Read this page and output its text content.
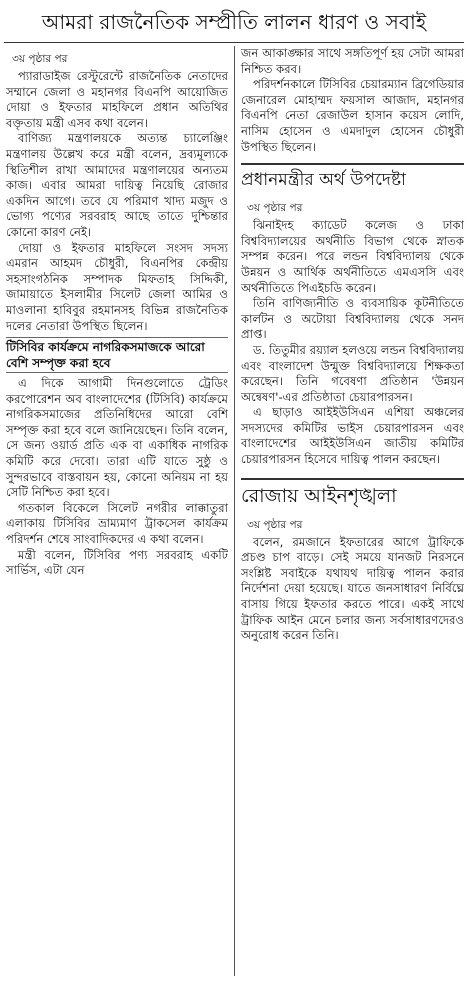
আমরা রাজনৈতিক সম্প্রীতি লালন ধারণ ও সবাই
৩য় পৃষ্ঠার পর

প্যারাডাইজ রেস্টুরেন্টে রাজনৈতিক নেতাদের সম্মানে জেলা ও মহানগর বিএনপি আয়োজিত দোয়া ও ইফতার মাহফিলে প্রধান অতিথির বক্তৃতায় মন্ত্রী এসব কথা বলেন।

বাণিজ্য মন্ত্রণালয়কে অত্যন্ত চ্যালেঞ্জিং মন্ত্রণালয় উল্লেখ করে মন্ত্রী বলেন, দ্রব্যমূল্যকে স্থিতিশীল রাখা আমাদের মন্ত্রণালয়ের অন্যতম কাজ। এবার আমরা দায়িত্ব নিয়েছি রোজার একদিন আগে। তবে যে পরিমাণ খাদ্য মজুদ ও ভোগ্য পণ্যের সরবরাহ আছে তাতে দুশ্চিন্তার কোনো কারণ নেই।

দোয়া ও ইফতার মাহফিলে সংসদ সদস্য এমরান আহমদ চৌধুরী, বিএনপির কেন্দ্রীয় সহসাংগঠনিক সম্পাদক মিফতাহ সিদ্দিকী, জামায়াতে ইসলামীর সিলেট জেলা আমির ও মাওলানা হাবিবুর রহমানসহ বিভিন্ন রাজনৈতিক দলের নেতারা উপস্থিত ছিলেন।

টিসিবির কার্যক্রমে নাগরিকসমাজকে আরো বেশি সম্পৃক্ত করা হবে

এ দিকে আগামী দিনগুলোতে ট্রেডিং করপোরেশন অব বাংলাদেশের (টিসিবি) কার্যক্রমে নাগরিকসমাজের প্রতিনিধিদের আরো বেশি সম্পৃক্ত করা হবে বলে জানিয়েছেন। তিনি বলেন, সে জন্য ওয়ার্ড প্রতি এক বা একাধিক নাগরিক কমিটি করে দেবো। তারা এটি যাতে সুষ্ঠু ও সুন্দরভাবে বাস্তবায়ন হয়, কোনো অনিয়ম না হয় সেটি নিশ্চিত করা হবে।

গতকাল বিকেলে সিলেট নগরীর লাক্কাতুরা এলাকায় টিসিবির ভ্রাম্যমাণ ট্রাকসেল কার্যক্রম পরিদর্শন শেষে সাংবাদিকদের এ কথা বলেন।

মন্ত্রী বলেন, টিসিবির পণ্য সরবরাহ একটি সার্ভিস, এটা যেন

জন আকাঙ্ক্ষার সাথে সঙ্গতিপূর্ণ হয় সেটা আমরা নিশ্চিত করব।

পরিদর্শনকালে টিসিবির চেয়ারম্যান ব্রিগেডিয়ার জেনারেল মোহাম্মদ ফয়সাল আজাদ, মহানগর বিএনপি নেতা রেজাউল হাসান কয়েস লোদি, নাসিম হোসেন ও এমদাদুল হোসেন চৌধুরী উপস্থিত ছিলেন।

প্রধানমন্ত্রীর অর্থ উপদেষ্টা
৩য় পৃষ্ঠার পর

ঝিনাইদহ ক্যাডেট কলেজ ও ঢাকা বিশ্ববিদ্যালয়ের অর্থনীতি বিভাগ থেকে স্নাতক সম্পন্ন করেন। পরে লন্ডন বিশ্ববিদ্যালয় থেকে উন্নয়ন ও আর্থিক অর্থনীতিতে এমএসসি এবং অর্থনীতিতে পিএইচডি করেন।

তিনি বাণিজ্যনীতি ও ব্যবসায়িক কূটনীতিতে কার্লটন ও অটোয়া বিশ্ববিদ্যালয় থেকে সনদ প্রাপ্ত।

ড. তিতুমীর রয়্যাল হলওয়ে লন্ডন বিশ্ববিদ্যালয় এবং বাংলাদেশ উন্মুক্ত বিশ্ববিদ্যালয়ে শিক্ষকতা করেছেন। তিনি গবেষণা প্রতিষ্ঠান 'উন্নয়ন অন্বেষণ'-এর প্রতিষ্ঠাতা চেয়ারপারসন।

এ ছাড়াও আইইউসিএন এশিয়া অঞ্চলের সদস্যদের কমিটির ভাইস চেয়ারপারসন এবং বাংলাদেশের আইইউসিএন জাতীয় কমিটির চেয়ারপারসন হিসেবে দায়িত্ব পালন করছেন।

রোজায় আইনশৃঙ্খলা
৩য় পৃষ্ঠার পর

বলেন, রমজানে ইফতারের আগে ট্রাফিকে প্রচণ্ড চাপ বাড়ে। সেই সময়ে যানজট নিরসনে সংশ্লিষ্ট সবাইকে যথাযথ দায়িত্ব পালন করার নির্দেশনা দেয়া হয়েছে। যাতে জনসাধারণ নির্বিঘ্নে বাসায় গিয়ে ইফতার করতে পারে। একই সাথে ট্রাফিক আইন মেনে চলার জন্য সর্বসাধারণদেরও অনুরোধ করেন তিনি।
